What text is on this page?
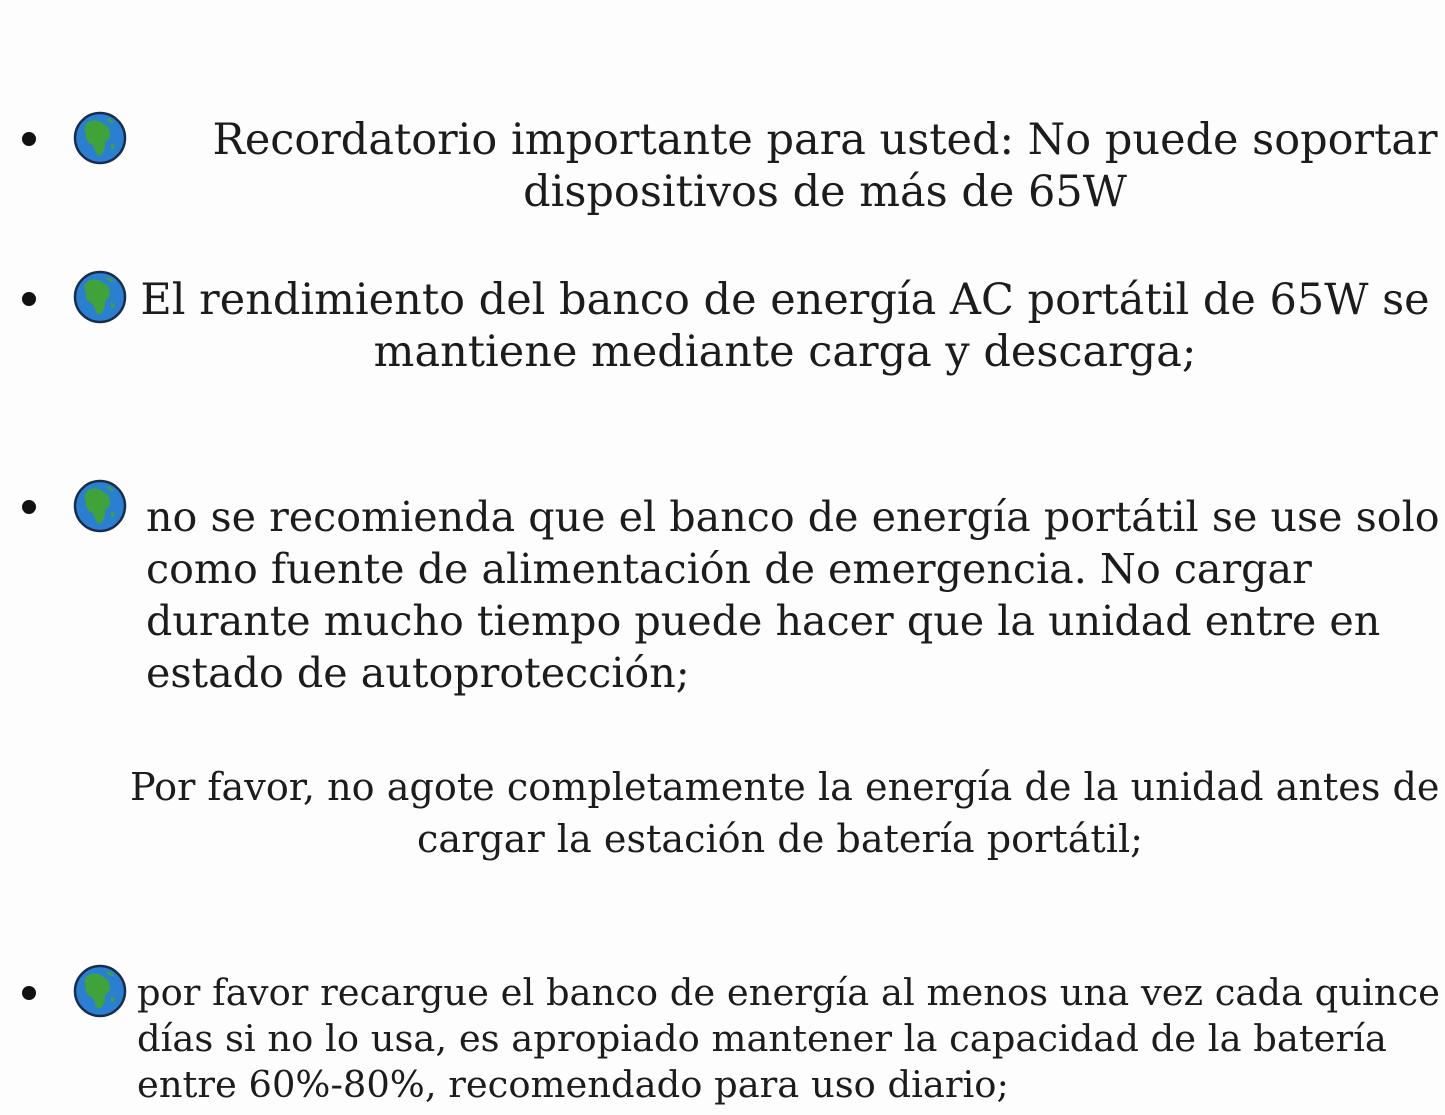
Recordatorio importante para usted: No puede soportar
dispositivos de más de 65W
El rendimiento del banco de energía AC portátil de 65W se
mantiene mediante carga y descarga;
no se recomienda que el banco de energía portátil se use solo
como fuente de alimentación de emergencia. No cargar
durante mucho tiempo puede hacer que la unidad entre en
estado de autoprotección;
Por favor, no agote completamente la energía de la unidad antes de
cargar la estación de batería portátil;
por favor recargue el banco de energía al menos una vez cada quince
días si no lo usa, es apropiado mantener la capacidad de la batería
entre 60%-80%, recomendado para uso diario;
